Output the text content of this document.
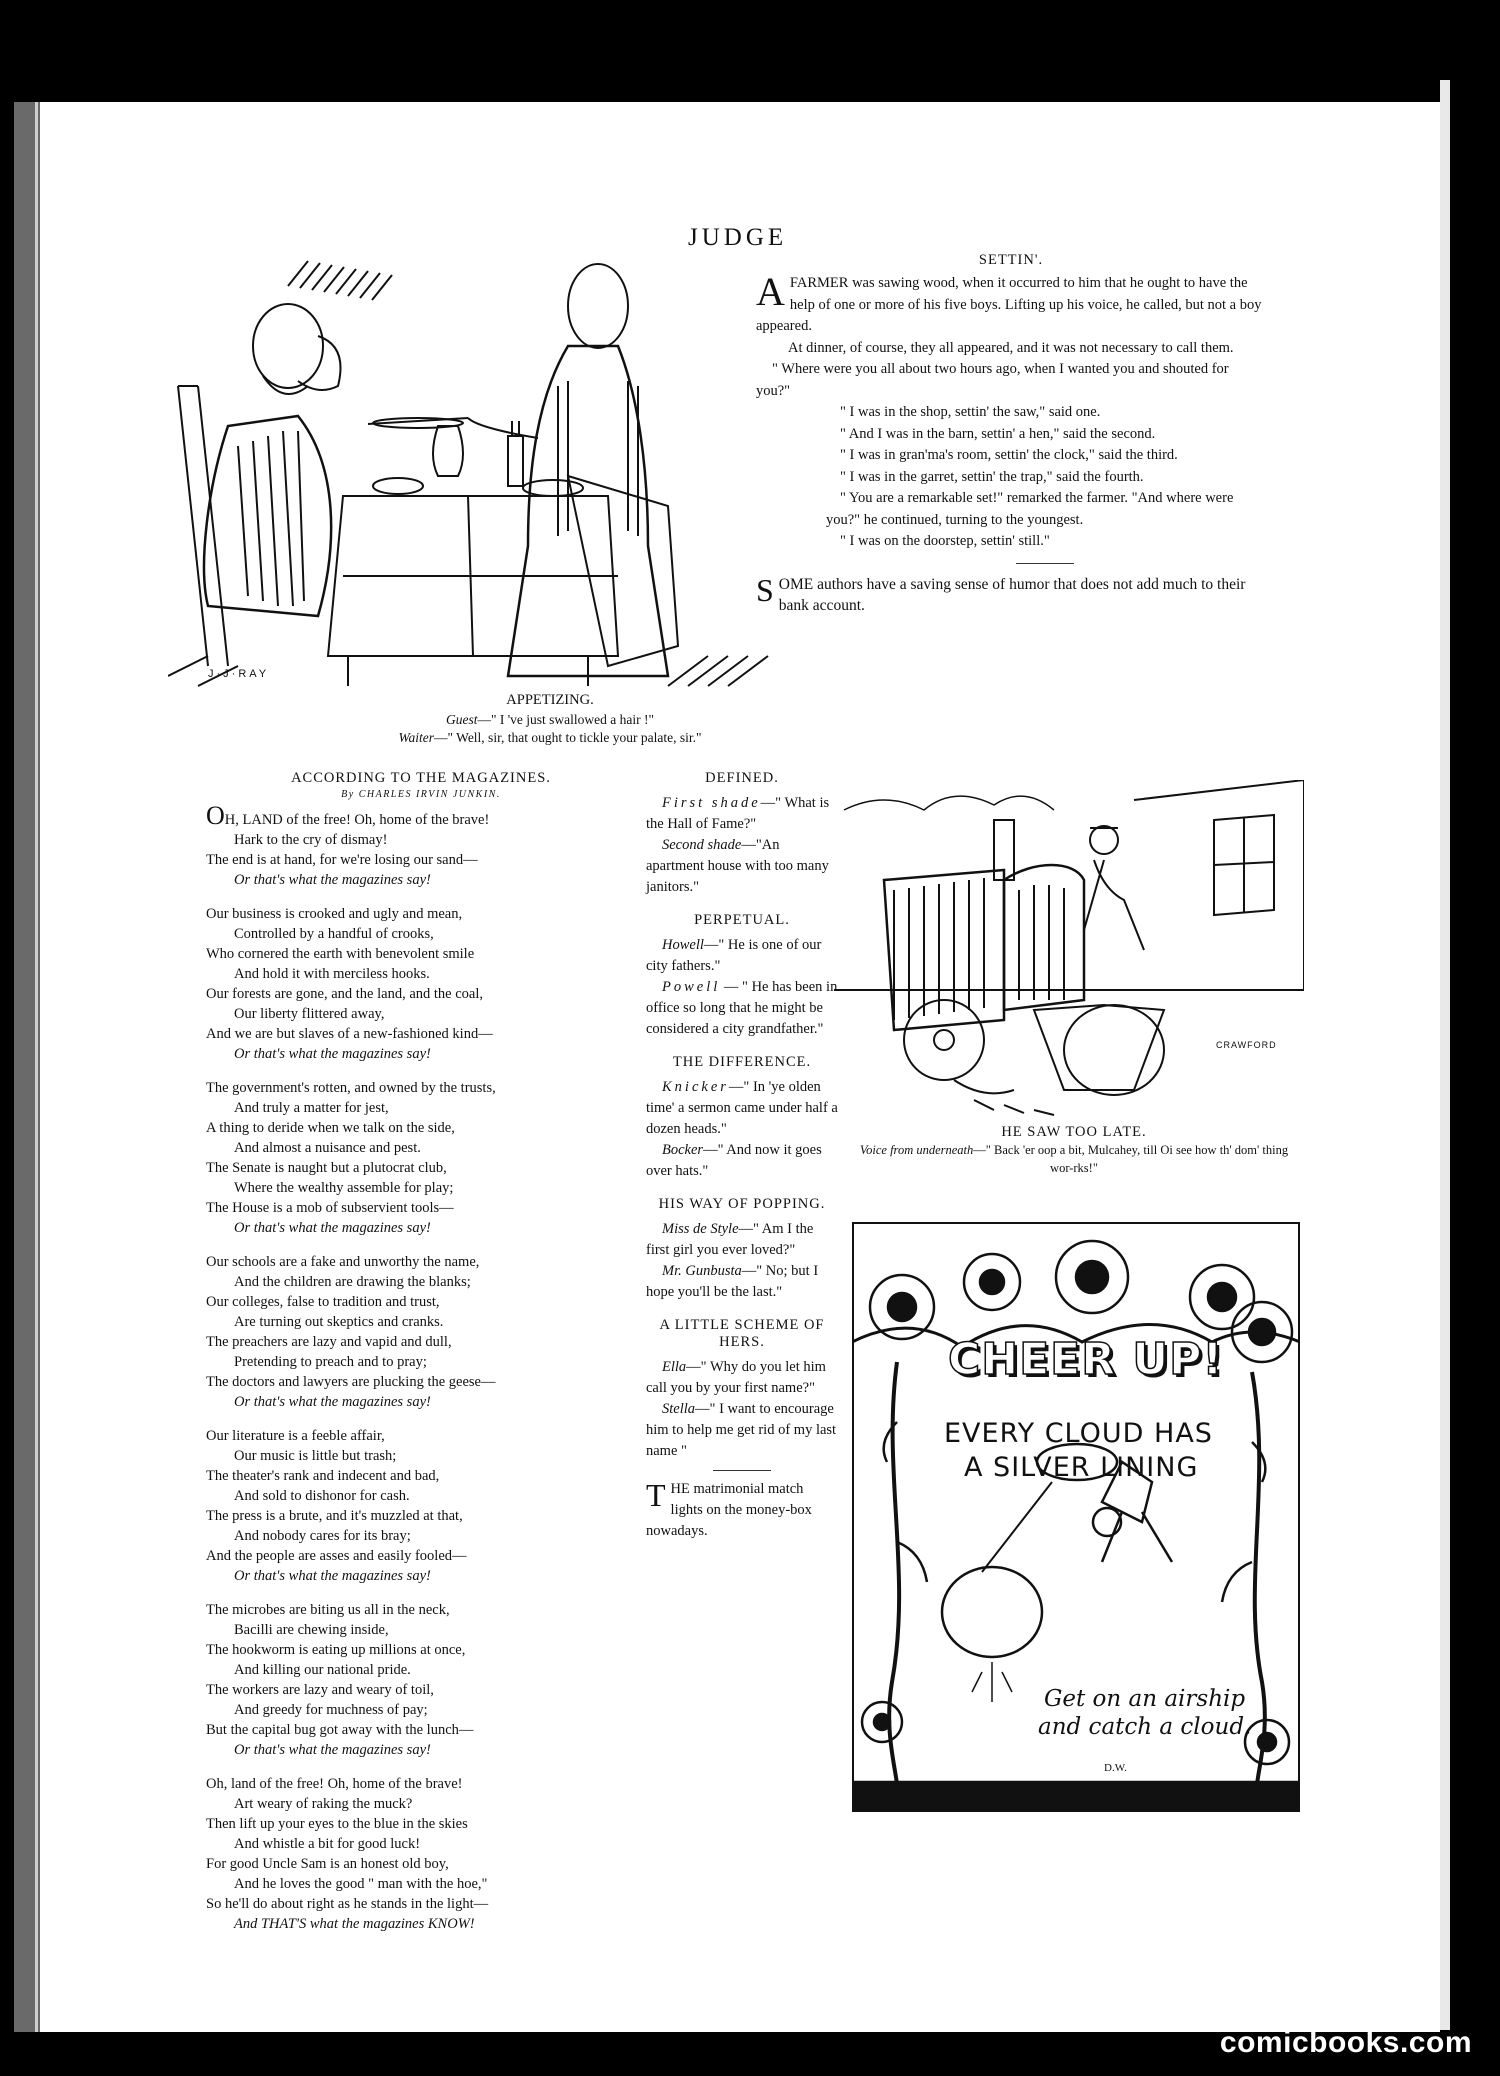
JUDGE
J·J·RAY
APPETIZING.
Guest—" I 've just swallowed a hair !"
Waiter—" Well, sir, that ought to tickle your palate, sir."
SETTIN'.

AFARMER was sawing wood, when it occurred to him that he ought to have the help of one or more of his five boys. Lifting up his voice, he called, but not a boy appeared.

At dinner, of course, they all appeared, and it was not necessary to call them.

" Where were you all about two hours ago, when I wanted you and shouted for you?"

" I was in the shop, settin' the saw," said one.

" And I was in the barn, settin' a hen," said the second.

" I was in gran'ma's room, settin' the clock," said the third.

" I was in the garret, settin' the trap," said the fourth.

" You are a remarkable set!" remarked the farmer. "And where were you?" he continued, turning to the youngest.

" I was on the doorstep, settin' still."

SOME authors have a saving sense of humor that does not add much to their bank account.

ACCORDING TO THE MAGAZINES.
By CHARLES IRVIN JUNKIN.
OH, LAND of the free! Oh, home of the brave!
Hark to the cry of dismay!
The end is at hand, for we're losing our sand—
Or that's what the magazines say!
Our business is crooked and ugly and mean,
Controlled by a handful of crooks,
Who cornered the earth with benevolent smile
And hold it with merciless hooks.
Our forests are gone, and the land, and the coal,
Our liberty flittered away,
And we are but slaves of a new-fashioned kind—
Or that's what the magazines say!
The government's rotten, and owned by the trusts,
And truly a matter for jest,
A thing to deride when we talk on the side,
And almost a nuisance and pest.
The Senate is naught but a plutocrat club,
Where the wealthy assemble for play;
The House is a mob of subservient tools—
Or that's what the magazines say!
Our schools are a fake and unworthy the name,
And the children are drawing the blanks;
Our colleges, false to tradition and trust,
Are turning out skeptics and cranks.
The preachers are lazy and vapid and dull,
Pretending to preach and to pray;
The doctors and lawyers are plucking the geese—
Or that's what the magazines say!
Our literature is a feeble affair,
Our music is little but trash;
The theater's rank and indecent and bad,
And sold to dishonor for cash.
The press is a brute, and it's muzzled at that,
And nobody cares for its bray;
And the people are asses and easily fooled—
Or that's what the magazines say!
The microbes are biting us all in the neck,
Bacilli are chewing inside,
The hookworm is eating up millions at once,
And killing our national pride.
The workers are lazy and weary of toil,
And greedy for muchness of pay;
But the capital bug got away with the lunch—
Or that's what the magazines say!
Oh, land of the free! Oh, home of the brave!
Art weary of raking the muck?
Then lift up your eyes to the blue in the skies
And whistle a bit for good luck!
For good Uncle Sam is an honest old boy,
And he loves the good " man with the hoe,"
So he'll do about right as he stands in the light—
And THAT'S what the magazines KNOW!
DEFINED.

First shade—" What is the Hall of Fame?"

Second shade—"An apartment house with too many janitors."

PERPETUAL.

Howell—" He is one of our city fathers."

Powell — " He has been in office so long that he might be considered a city grandfather."

THE DIFFERENCE.

Knicker—" In 'ye olden time' a sermon came under half a dozen heads."

Bocker—" And now it goes over hats."

HIS WAY OF POPPING.

Miss de Style—" Am I the first girl you ever loved?"

Mr. Gunbusta—" No; but I hope you'll be the last."

A LITTLE SCHEME OF HERS.

Ella—" Why do you let him call you by your first name?"

Stella—" I want to encourage him to help me get rid of my last name "

THE matrimonial match lights on the money-box nowadays.

CRAWFORD
HE SAW TOO LATE.
Voice from underneath—" Back 'er oop a bit, Mulcahey, till Oi see how th' dom' thing wor-rks!"
CHEER UP!
EVERY CLOUD HAS
A SILVER LINING
Get on an airship
and catch a cloud.
D.W.
comicbooks.com
